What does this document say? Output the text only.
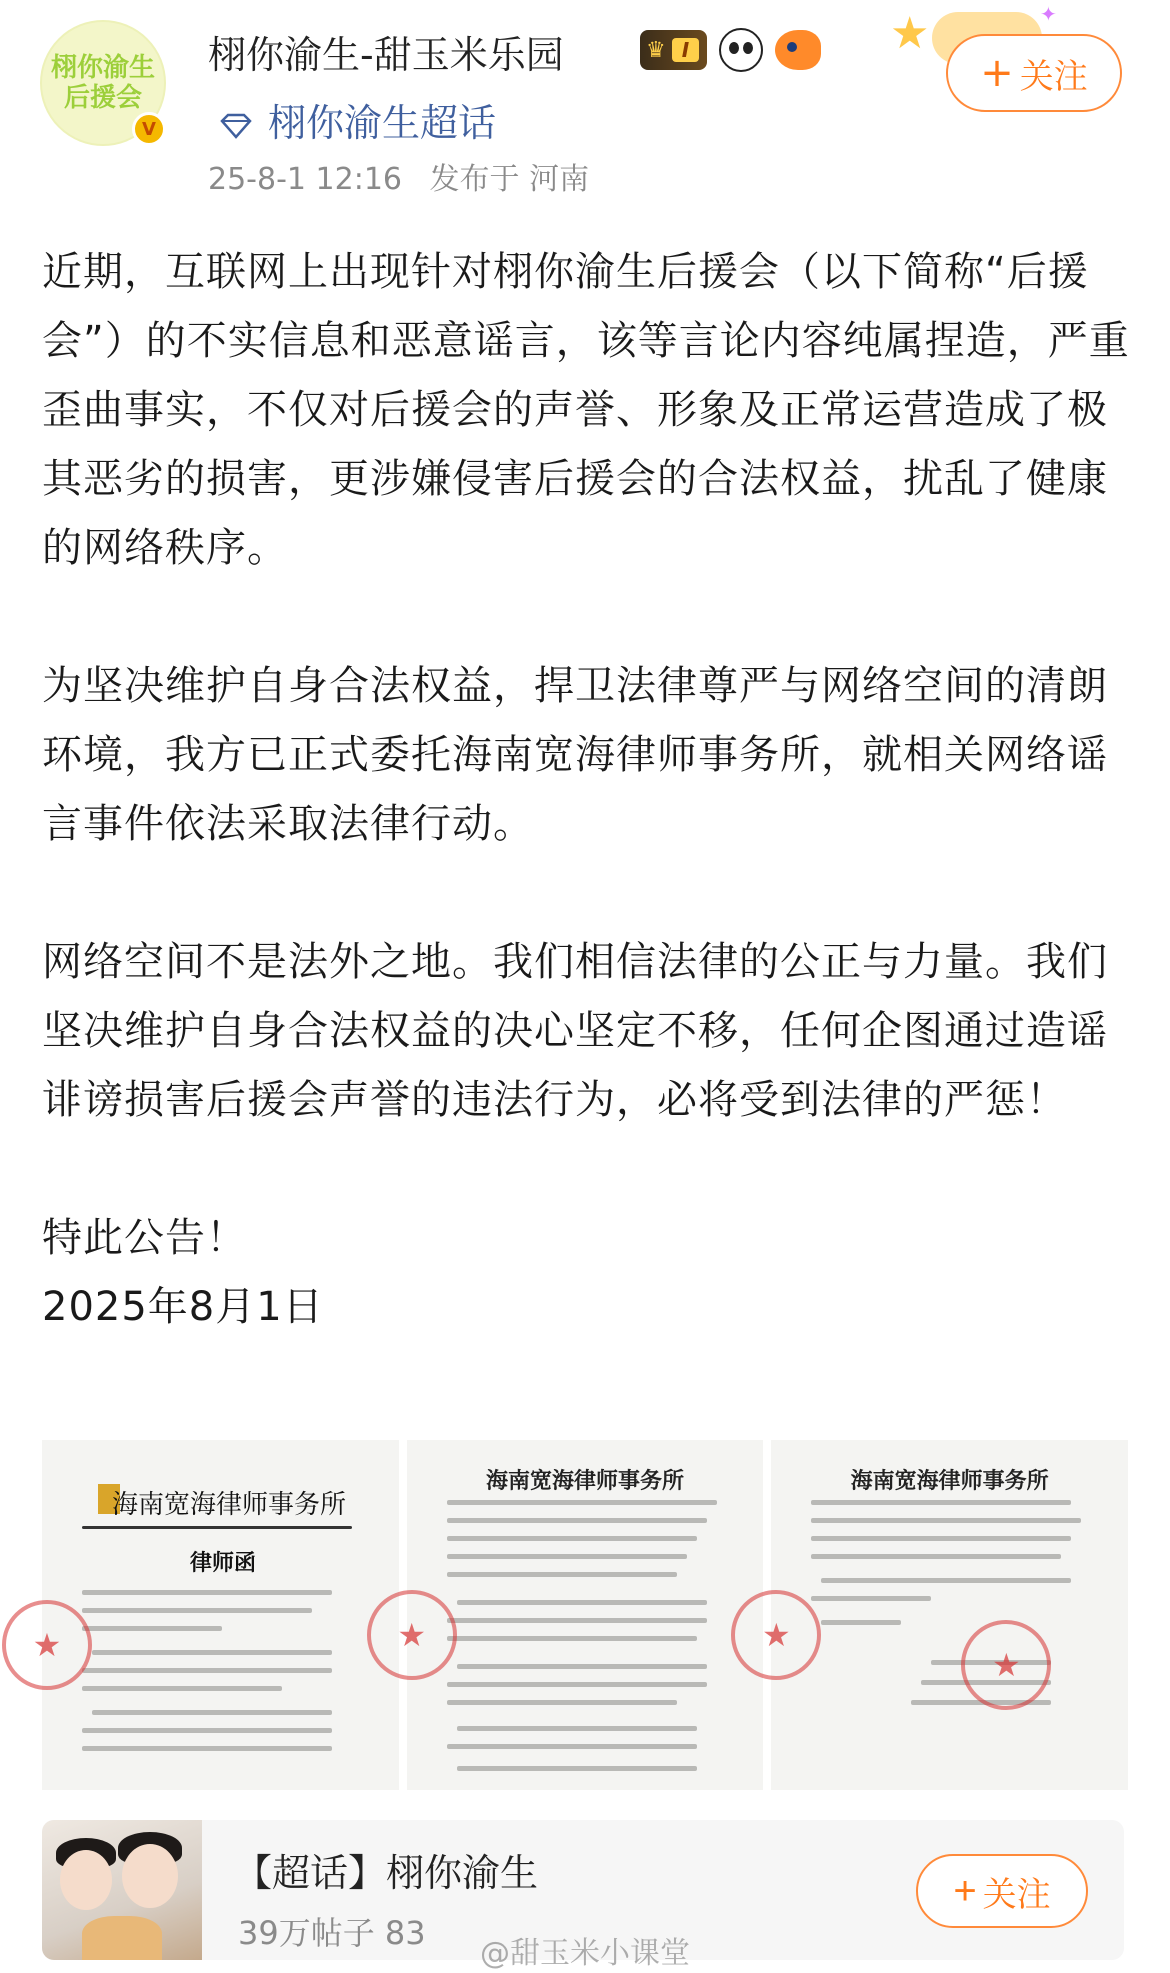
栩你渝生
后援会
V
栩你渝生-甜玉米乐园	♛ I	★	✦
+ 关注
栩你渝生超话
25-8-1 12:16 发布于 河南

近期，互联网上出现针对栩你渝生后援会（以下简称“后援会”）的不实信息和恶意谣言，该等言论内容纯属捏造，严重歪曲事实，不仅对后援会的声誉、形象及正常运营造成了极其恶劣的损害，更涉嫌侵害后援会的合法权益，扰乱了健康的网络秩序。

为坚决维护自身合法权益，捍卫法律尊严与网络空间的清朗环境，我方已正式委托海南宽海律师事务所，就相关网络谣言事件依法采取法律行动。

网络空间不是法外之地。我们相信法律的公正与力量。我们坚决维护自身合法权益的决心坚定不移，任何企图通过造谣诽谤损害后援会声誉的违法行为，必将受到法律的严惩！

特此公告！
2025年8月1日

海南宽海律师事务所
律师函
★
海南宽海律师事务所
★
海南宽海律师事务所
★
★
【超话】栩你渝生
39万帖子 83
+ 关注
@甜玉米小课堂
